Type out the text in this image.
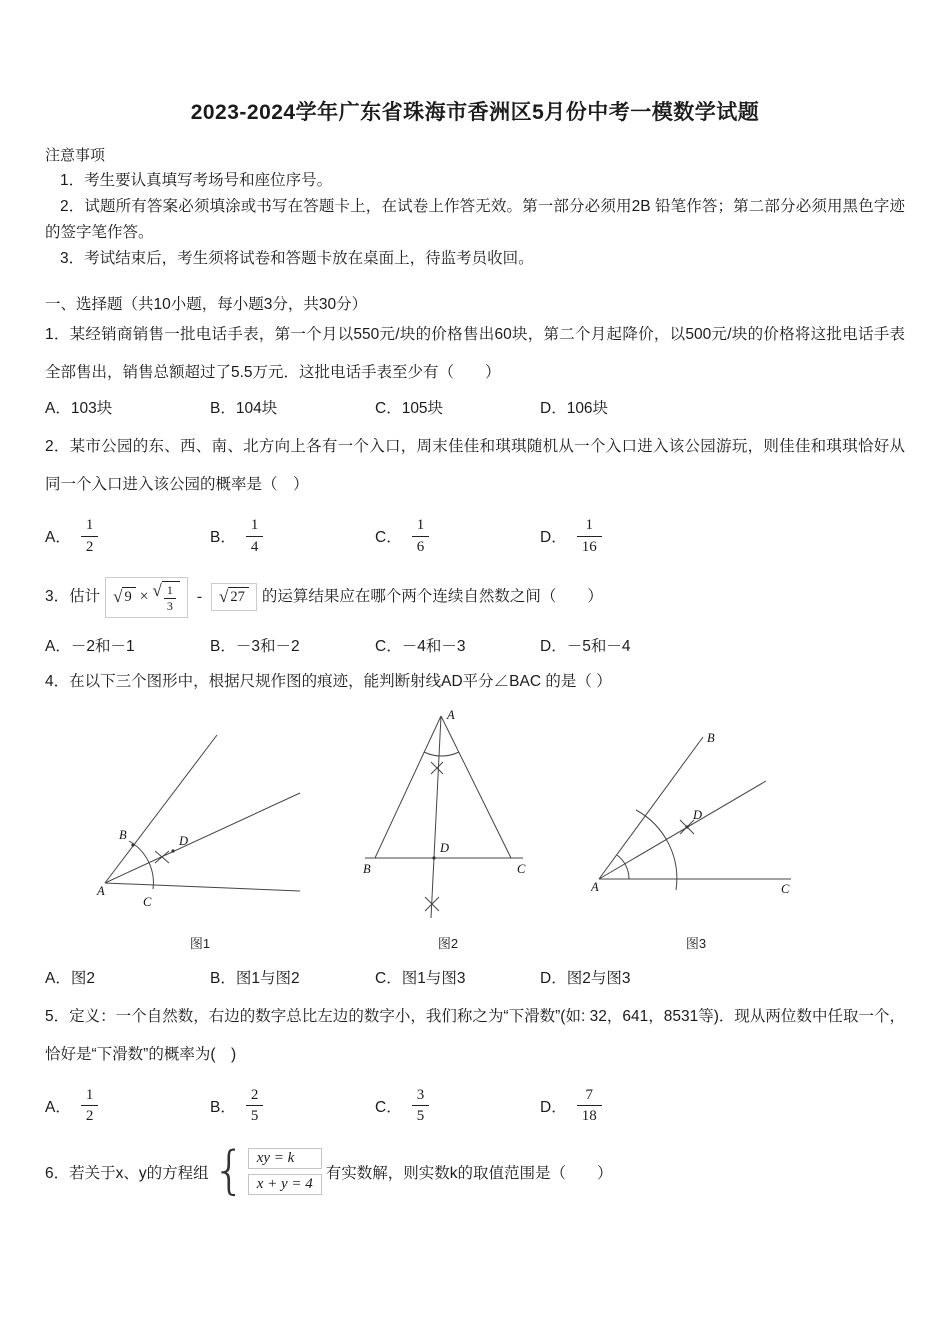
2023-2024学年广东省珠海市香洲区5月份中考一模数学试题
注意事项
1．考生要认真填写考场号和座位序号。
2．试题所有答案必须填涂或书写在答题卡上，在试卷上作答无效。第一部分必须用2B 铅笔作答；第二部分必须用黑色字迹的签字笔作答。
3．考试结束后，考生须将试卷和答题卡放在桌面上，待监考员收回。
一、选择题（共10小题，每小题3分，共30分）
1．某经销商销售一批电话手表，第一个月以550元/块的价格售出60块，第二个月起降价，以500元/块的价格将这批电话手表全部售出，销售总额超过了5.5万元．这批电话手表至少有（　　）
A．103块	B．104块	C．105块	D．106块
2．某市公园的东、西、南、北方向上各有一个入口，周末佳佳和琪琪随机从一个入口进入该公园游玩，则佳佳和琪琪恰好从同一个入口进入该公园的概率是（　）
A． $\frac{1}{2}$	B． $\frac{1}{4}$	C． $\frac{1}{6}$	D． $\frac{1}{16}$
3．估计 √ 9 × √ $\frac{1}{3}$ - √ 27 的运算结果应在哪个两个连续自然数之间（　　）
A．－2和－1	B．－3和－2	C．－4和－3	D．－5和－4
4．在以下三个图形中，根据尺规作图的痕迹，能判断射线AD平分∠BAC 的是（ ）
A
B
C
D
图1
A
B	C
D
图2
A
B
C
D
图3
A．图2	B．图1与图2	C．图1与图3	D．图2与图3
5．定义：一个自然数，右边的数字总比左边的数字小，我们称之为“下滑数”(如: 32，641，8531等)．现从两位数中任取一个，恰好是“下滑数”的概率为(　)
A． $\frac{1}{2}$	B． $\frac{2}{5}$	C． $\frac{3}{5}$	D． $\frac{7}{18}$
6．若关于x、y的方程组 { xy = k
x + y = 4
有实数解，则实数k的取值范围是（　　）
